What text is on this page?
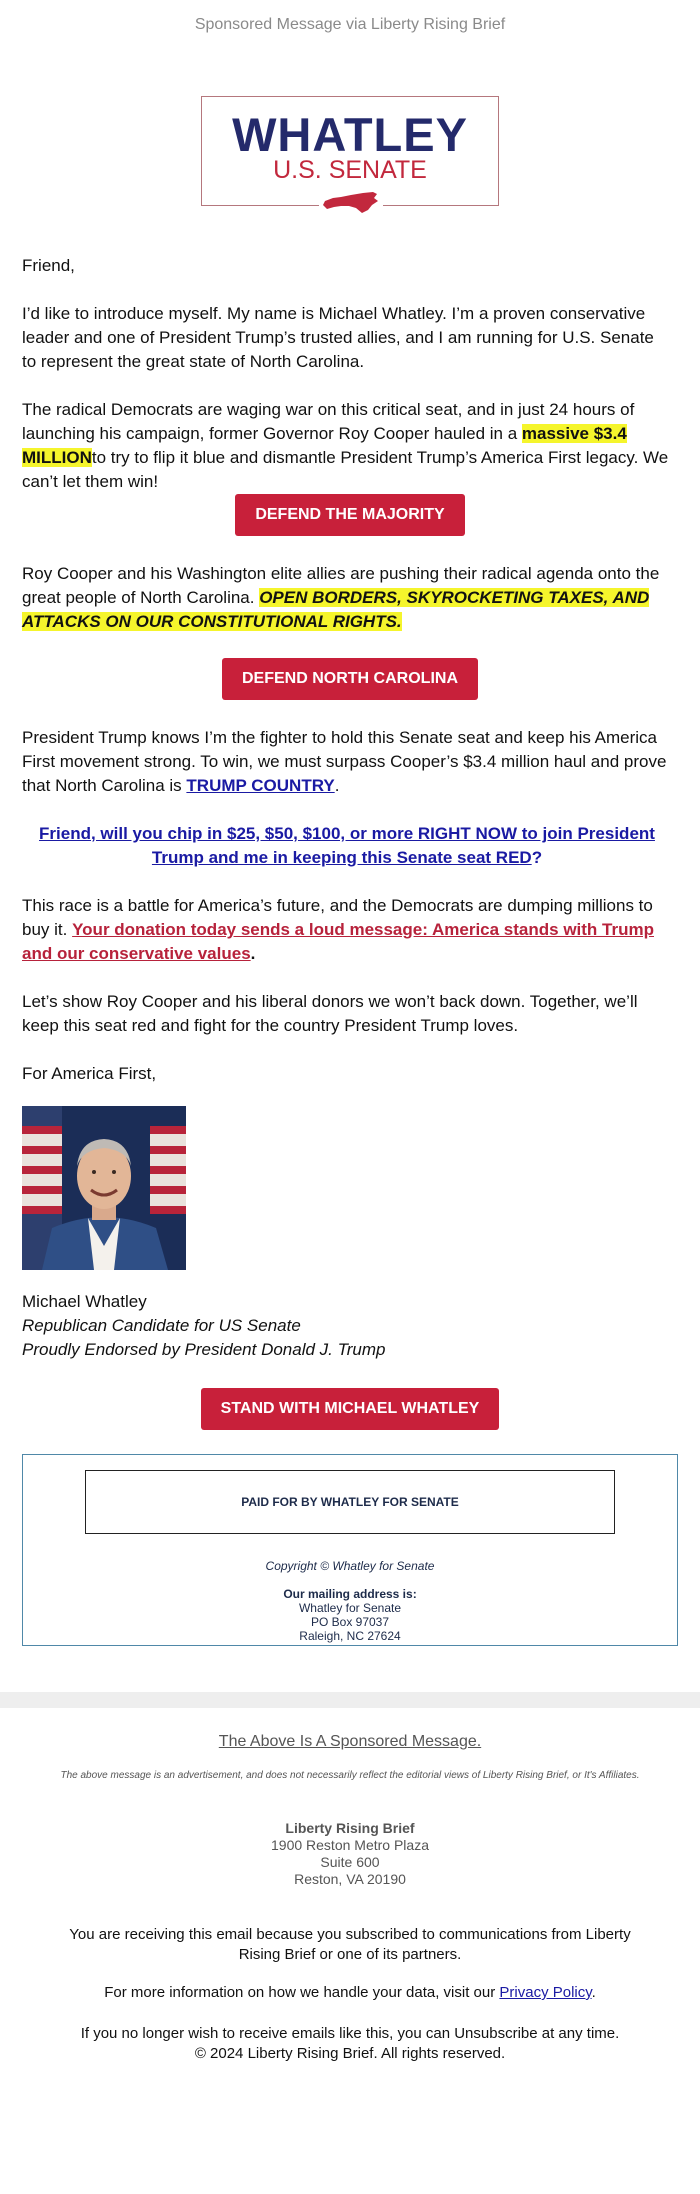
Sponsored Message via Liberty Rising Brief
WHATLEY
U.S. SENATE

Friend,

I’d like to introduce myself. My name is Michael Whatley. I’m a proven conservative leader and one of President Trump’s trusted allies, and I am running for U.S. Senate to represent the great state of North Carolina.

The radical Democrats are waging war on this critical seat, and in just 24 hours of launching his campaign, former Governor Roy Cooper hauled in a massive $3.4 MILLIONto try to flip it blue and dismantle President Trump’s America First legacy. We can’t let them win!

DEFEND THE MAJORITY

Roy Cooper and his Washington elite allies are pushing their radical agenda onto the great people of North Carolina. OPEN BORDERS, SKYROCKETING TAXES, AND ATTACKS ON OUR CONSTITUTIONAL RIGHTS.

DEFEND NORTH CAROLINA

President Trump knows I’m the fighter to hold this Senate seat and keep his America First movement strong. To win, we must surpass Cooper’s $3.4 million haul and prove that North Carolina is TRUMP COUNTRY.

Friend, will you chip in $25, $50, $100, or more RIGHT NOW to join President Trump and me in keeping this Senate seat RED?

This race is a battle for America’s future, and the Democrats are dumping millions to buy it. Your donation today sends a loud message: America stands with Trump and our conservative values.

Let’s show Roy Cooper and his liberal donors we won’t back down. Together, we’ll keep this seat red and fight for the country President Trump loves.

For America First,

Michael Whatley
Republican Candidate for US Senate
Proudly Endorsed by President Donald J. Trump
STAND WITH MICHAEL WHATLEY
PAID FOR BY WHATLEY FOR SENATE
Copyright © Whatley for Senate
Our mailing address is:
Whatley for Senate
PO Box 97037
Raleigh, NC 27624
The Above Is A Sponsored Message.
The above message is an advertisement, and does not necessarily reflect the editorial views of Liberty Rising Brief, or It's Affiliates.
Liberty Rising Brief
1900 Reston Metro Plaza
Suite 600
Reston, VA 20190
You are receiving this email because you subscribed to communications from Liberty
Rising Brief or one of its partners.
For more information on how we handle your data, visit our Privacy Policy.
If you no longer wish to receive emails like this, you can Unsubscribe at any time.
© 2024 Liberty Rising Brief. All rights reserved.
